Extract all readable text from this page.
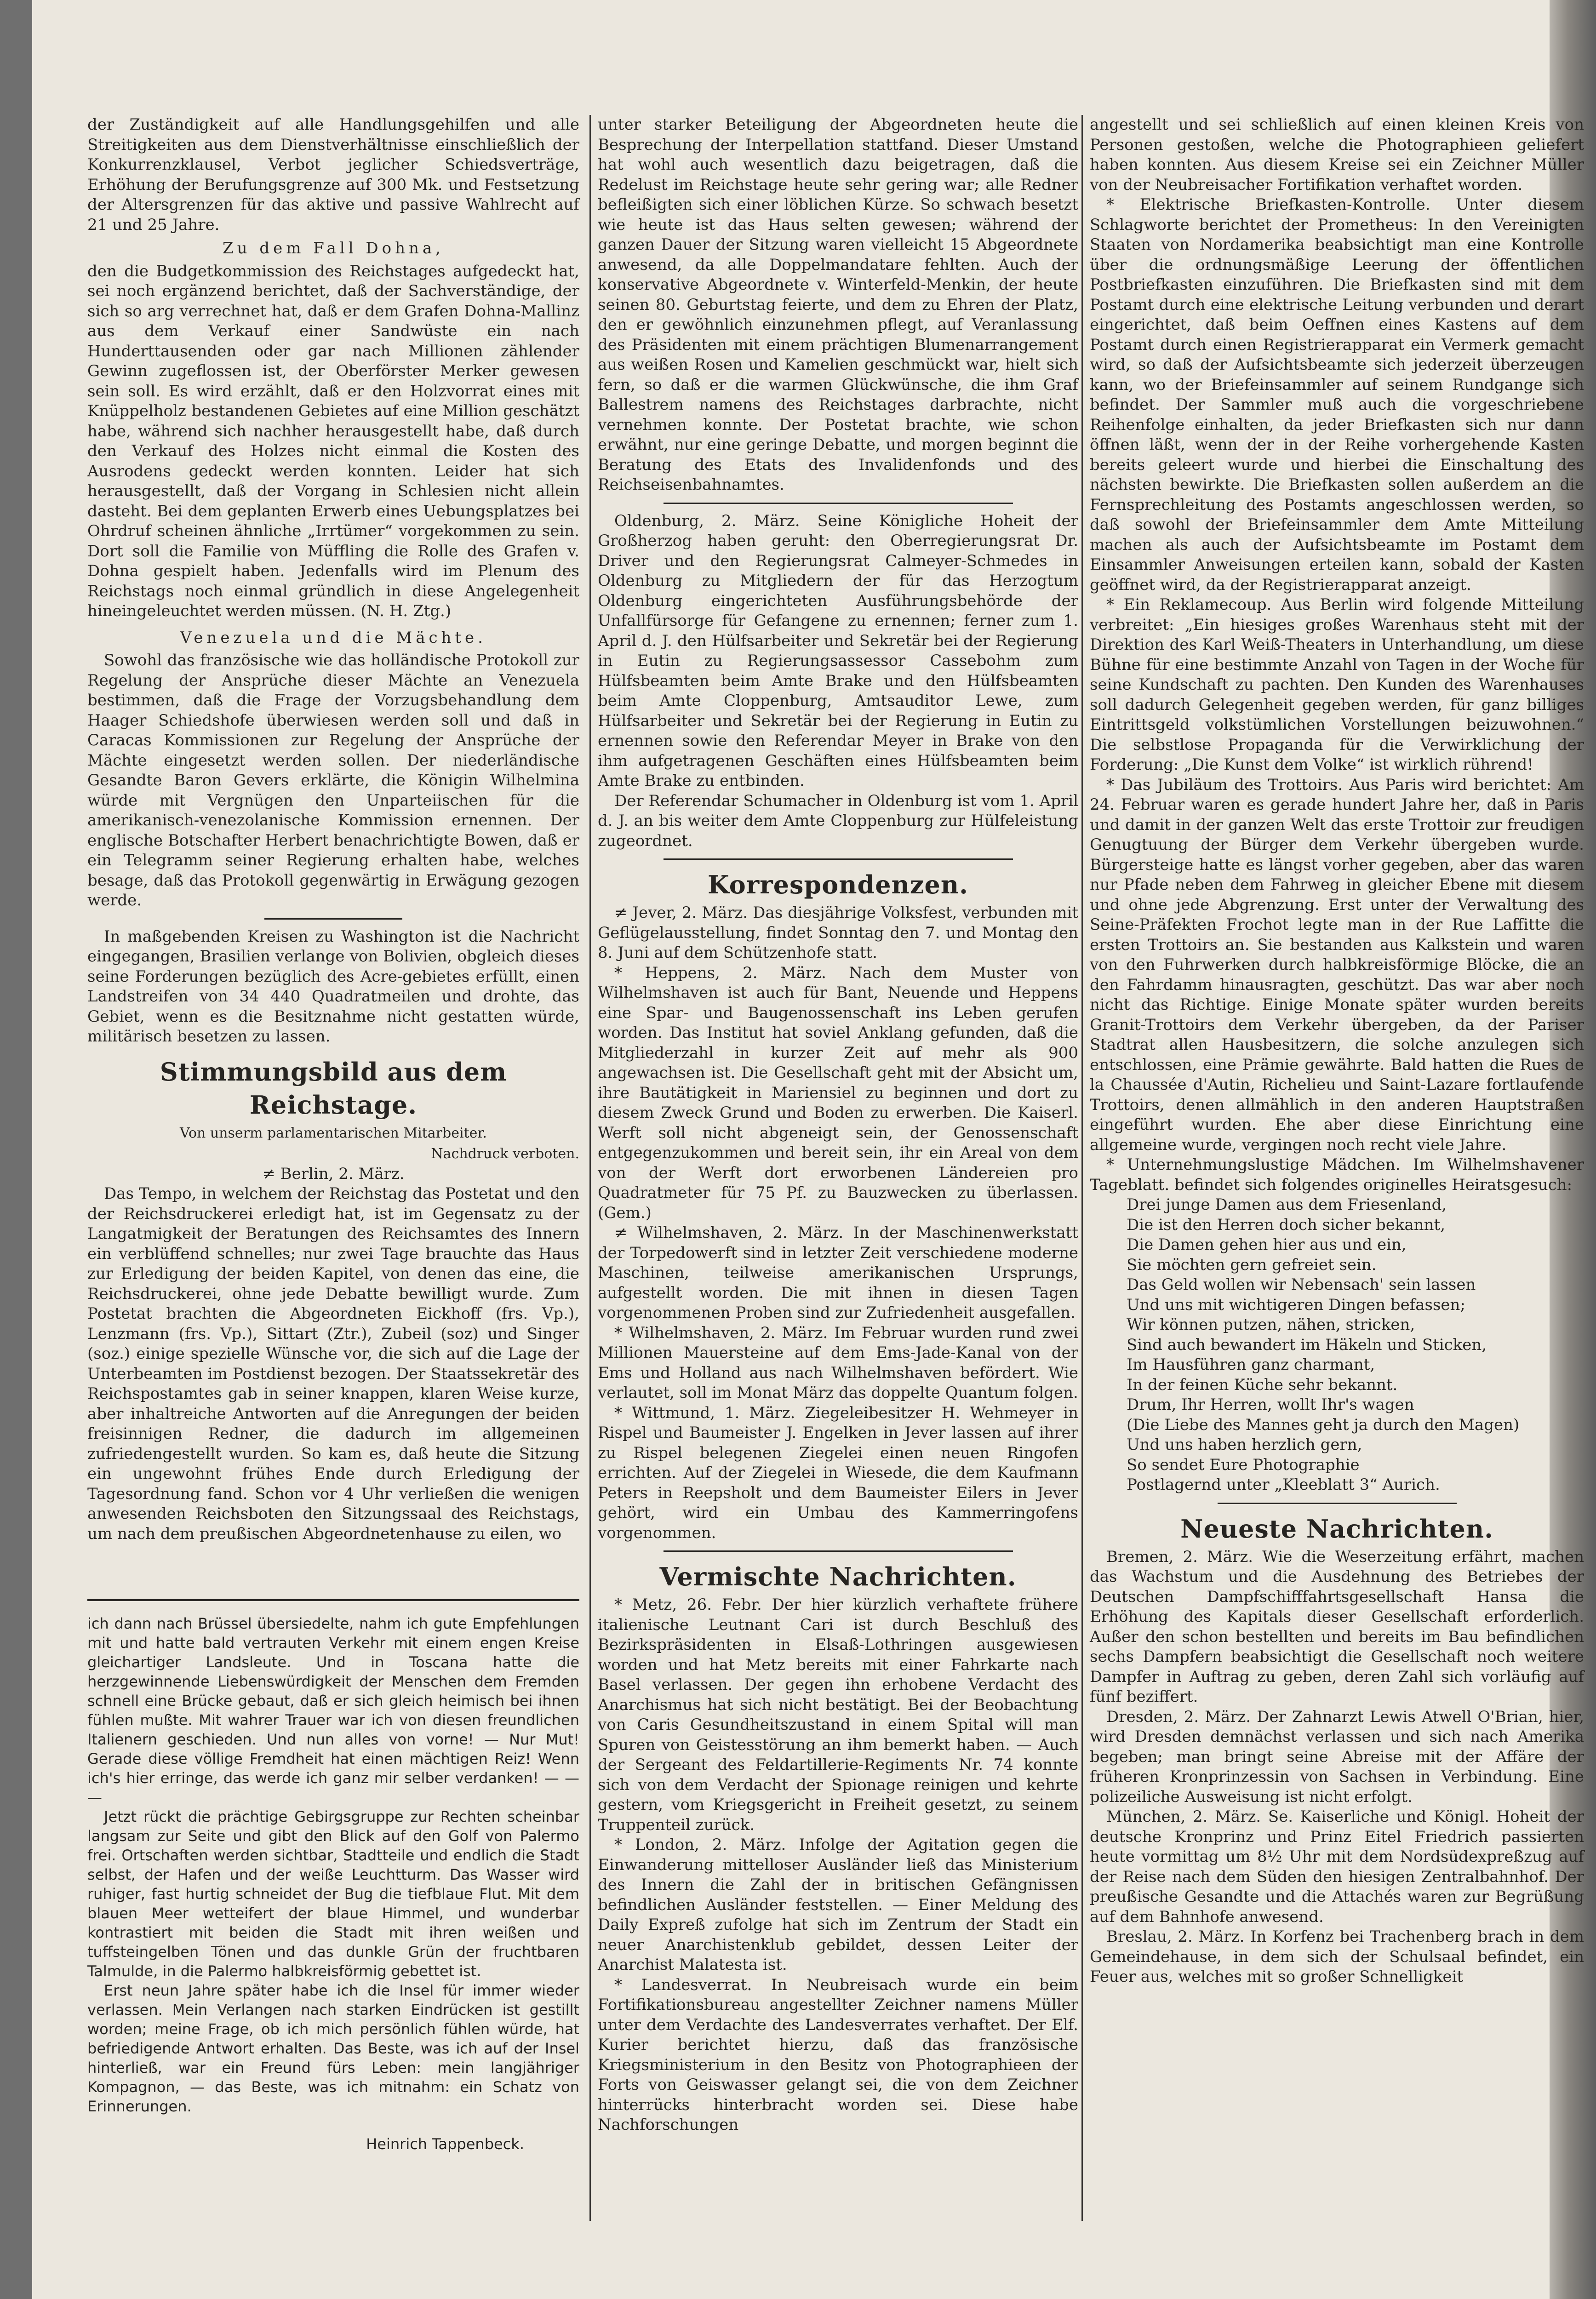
der Zuständigkeit auf alle Handlungsgehilfen und alle Streitigkeiten aus dem Dienstverhältnisse einschließlich der Konkurrenzklausel, Verbot jeglicher Schiedsverträge, Erhöhung der Berufungsgrenze auf 300 Mk. und Festsetzung der Altersgrenzen für das aktive und passive Wahlrecht auf 21 und 25 Jahre.

Zu dem Fall Dohna,

den die Budgetkommission des Reichstages aufgedeckt hat, sei noch ergänzend berichtet, daß der Sachverständige, der sich so arg verrechnet hat, daß er dem Grafen Dohna-Mallinz aus dem Verkauf einer Sandwüste ein nach Hunderttausenden oder gar nach Millionen zählender Gewinn zugeflossen ist, der Oberförster Merker gewesen sein soll. Es wird erzählt, daß er den Holzvorrat eines mit Knüppelholz bestandenen Gebietes auf eine Million geschätzt habe, während sich nachher herausgestellt habe, daß durch den Verkauf des Holzes nicht einmal die Kosten des Ausrodens gedeckt werden konnten. Leider hat sich herausgestellt, daß der Vorgang in Schlesien nicht allein dasteht. Bei dem geplanten Erwerb eines Uebungsplatzes bei Ohrdruf scheinen ähnliche „Irrtümer“ vorgekommen zu sein. Dort soll die Familie von Müffling die Rolle des Grafen v. Dohna gespielt haben. Jedenfalls wird im Plenum des Reichstags noch einmal gründlich in diese Angelegenheit hineingeleuchtet werden müssen. (N. H. Ztg.)

Venezuela und die Mächte.

Sowohl das französische wie das holländische Protokoll zur Regelung der Ansprüche dieser Mächte an Venezuela bestimmen, daß die Frage der Vorzugsbehandlung dem Haager Schiedshofe überwiesen werden soll und daß in Caracas Kommissionen zur Regelung der Ansprüche der Mächte eingesetzt werden sollen. Der niederländische Gesandte Baron Gevers erklärte, die Königin Wilhelmina würde mit Vergnügen den Unparteiischen für die amerikanisch-venezolanische Kommission ernennen. Der englische Botschafter Herbert benachrichtigte Bowen, daß er ein Telegramm seiner Regierung erhalten habe, welches besage, daß das Protokoll gegenwärtig in Erwägung gezogen werde.

In maßgebenden Kreisen zu Washington ist die Nachricht eingegangen, Brasilien verlange von Bolivien, obgleich dieses seine Forderungen bezüglich des Acre-gebietes erfüllt, einen Landstreifen von 34 440 Quadratmeilen und drohte, das Gebiet, wenn es die Besitznahme nicht gestatten würde, militärisch besetzen zu lassen.

Stimmungsbild aus dem Reichstage.
Von unserm parlamentarischen Mitarbeiter.
Nachdruck verboten.
≠ Berlin, 2. März.

Das Tempo, in welchem der Reichstag das Postetat und den der Reichsdruckerei erledigt hat, ist im Gegensatz zu der Langatmigkeit der Beratungen des Reichsamtes des Innern ein verblüffend schnelles; nur zwei Tage brauchte das Haus zur Erledigung der beiden Kapitel, von denen das eine, die Reichsdruckerei, ohne jede Debatte bewilligt wurde. Zum Postetat brachten die Abgeordneten Eickhoff (frs. Vp.), Lenzmann (frs. Vp.), Sittart (Ztr.), Zubeil (soz) und Singer (soz.) einige spezielle Wünsche vor, die sich auf die Lage der Unterbeamten im Postdienst bezogen. Der Staatssekretär des Reichspostamtes gab in seiner knappen, klaren Weise kurze, aber inhaltreiche Antworten auf die Anregungen der beiden freisinnigen Redner, die dadurch im allgemeinen zufriedengestellt wurden. So kam es, daß heute die Sitzung ein ungewohnt frühes Ende durch Erledigung der Tagesordnung fand. Schon vor 4 Uhr verließen die wenigen anwesenden Reichsboten den Sitzungssaal des Reichstags, um nach dem preußischen Abgeordnetenhause zu eilen, wo

ich dann nach Brüssel übersiedelte, nahm ich gute Empfehlungen mit und hatte bald vertrauten Verkehr mit einem engen Kreise gleichartiger Landsleute. Und in Toscana hatte die herzgewinnende Liebenswürdigkeit der Menschen dem Fremden schnell eine Brücke gebaut, daß er sich gleich heimisch bei ihnen fühlen mußte. Mit wahrer Trauer war ich von diesen freundlichen Italienern geschieden. Und nun alles von vorne! — Nur Mut! Gerade diese völlige Fremdheit hat einen mächtigen Reiz! Wenn ich's hier erringe, das werde ich ganz mir selber verdanken! — — —

Jetzt rückt die prächtige Gebirgsgruppe zur Rechten scheinbar langsam zur Seite und gibt den Blick auf den Golf von Palermo frei. Ortschaften werden sichtbar, Stadtteile und endlich die Stadt selbst, der Hafen und der weiße Leuchtturm. Das Wasser wird ruhiger, fast hurtig schneidet der Bug die tiefblaue Flut. Mit dem blauen Meer wetteifert der blaue Himmel, und wunderbar kontrastiert mit beiden die Stadt mit ihren weißen und tuffsteingelben Tönen und das dunkle Grün der fruchtbaren Talmulde, in die Palermo halbkreisförmig gebettet ist.

Erst neun Jahre später habe ich die Insel für immer wieder verlassen. Mein Verlangen nach starken Eindrücken ist gestillt worden; meine Frage, ob ich mich persönlich fühlen würde, hat befriedigende Antwort erhalten. Das Beste, was ich auf der Insel hinterließ, war ein Freund fürs Leben: mein langjähriger Kompagnon, — das Beste, was ich mitnahm: ein Schatz von Erinnerungen.

Heinrich Tappenbeck.

unter starker Beteiligung der Abgeordneten heute die Besprechung der Interpellation stattfand. Dieser Umstand hat wohl auch wesentlich dazu beigetragen, daß die Redelust im Reichstage heute sehr gering war; alle Redner befleißigten sich einer löblichen Kürze. So schwach besetzt wie heute ist das Haus selten gewesen; während der ganzen Dauer der Sitzung waren vielleicht 15 Abgeordnete anwesend, da alle Doppelmandatare fehlten. Auch der konservative Abgeordnete v. Winterfeld-Menkin, der heute seinen 80. Geburtstag feierte, und dem zu Ehren der Platz, den er gewöhnlich einzunehmen pflegt, auf Veranlassung des Präsidenten mit einem prächtigen Blumenarrangement aus weißen Rosen und Kamelien geschmückt war, hielt sich fern, so daß er die warmen Glückwünsche, die ihm Graf Ballestrem namens des Reichstages darbrachte, nicht vernehmen konnte. Der Postetat brachte, wie schon erwähnt, nur eine geringe Debatte, und morgen beginnt die Beratung des Etats des Invalidenfonds und des Reichseisenbahnamtes.

Oldenburg, 2. März. Seine Königliche Hoheit der Großherzog haben geruht: den Oberregierungsrat Dr. Driver und den Regierungsrat Calmeyer-Schmedes in Oldenburg zu Mitgliedern der für das Herzogtum Oldenburg eingerichteten Ausführungsbehörde der Unfallfürsorge für Gefangene zu ernennen; ferner zum 1. April d. J. den Hülfsarbeiter und Sekretär bei der Regierung in Eutin zu Regierungsassessor Cassebohm zum Hülfsbeamten beim Amte Brake und den Hülfsbeamten beim Amte Cloppenburg, Amtsauditor Lewe, zum Hülfsarbeiter und Sekretär bei der Regierung in Eutin zu ernennen sowie den Referendar Meyer in Brake von den ihm aufgetragenen Geschäften eines Hülfsbeamten beim Amte Brake zu entbinden.

Der Referendar Schumacher in Oldenburg ist vom 1. April d. J. an bis weiter dem Amte Cloppenburg zur Hülfeleistung zugeordnet.

Korrespondenzen.

≠ Jever, 2. März. Das diesjährige Volksfest, verbunden mit Geflügelausstellung, findet Sonntag den 7. und Montag den 8. Juni auf dem Schützenhofe statt.

* Heppens, 2. März. Nach dem Muster von Wilhelmshaven ist auch für Bant, Neuende und Heppens eine Spar- und Baugenossenschaft ins Leben gerufen worden. Das Institut hat soviel Anklang gefunden, daß die Mitgliederzahl in kurzer Zeit auf mehr als 900 angewachsen ist. Die Gesellschaft geht mit der Absicht um, ihre Bautätigkeit in Mariensiel zu beginnen und dort zu diesem Zweck Grund und Boden zu erwerben. Die Kaiserl. Werft soll nicht abgeneigt sein, der Genossenschaft entgegenzukommen und bereit sein, ihr ein Areal von dem von der Werft dort erworbenen Ländereien pro Quadratmeter für 75 Pf. zu Bauzwecken zu überlassen. (Gem.)

≠ Wilhelmshaven, 2. März. In der Maschinenwerkstatt der Torpedowerft sind in letzter Zeit verschiedene moderne Maschinen, teilweise amerikanischen Ursprungs, aufgestellt worden. Die mit ihnen in diesen Tagen vorgenommenen Proben sind zur Zufriedenheit ausgefallen.

* Wilhelmshaven, 2. März. Im Februar wurden rund zwei Millionen Mauersteine auf dem Ems-Jade-Kanal von der Ems und Holland aus nach Wilhelmshaven befördert. Wie verlautet, soll im Monat März das doppelte Quantum folgen.

* Wittmund, 1. März. Ziegeleibesitzer H. Wehmeyer in Rispel und Baumeister J. Engelken in Jever lassen auf ihrer zu Rispel belegenen Ziegelei einen neuen Ringofen errichten. Auf der Ziegelei in Wiesede, die dem Kaufmann Peters in Reepsholt und dem Baumeister Eilers in Jever gehört, wird ein Umbau des Kammerringofens vorgenommen.

Vermischte Nachrichten.

* Metz, 26. Febr. Der hier kürzlich verhaftete frühere italienische Leutnant Cari ist durch Beschluß des Bezirkspräsidenten in Elsaß-Lothringen ausgewiesen worden und hat Metz bereits mit einer Fahrkarte nach Basel verlassen. Der gegen ihn erhobene Verdacht des Anarchismus hat sich nicht bestätigt. Bei der Beobachtung von Caris Gesundheitszustand in einem Spital will man Spuren von Geistesstörung an ihm bemerkt haben. — Auch der Sergeant des Feldartillerie-Regiments Nr. 74 konnte sich von dem Verdacht der Spionage reinigen und kehrte gestern, vom Kriegsgericht in Freiheit gesetzt, zu seinem Truppenteil zurück.

* London, 2. März. Infolge der Agitation gegen die Einwanderung mittelloser Ausländer ließ das Ministerium des Innern die Zahl der in britischen Gefängnissen befindlichen Ausländer feststellen. — Einer Meldung des Daily Expreß zufolge hat sich im Zentrum der Stadt ein neuer Anarchistenklub gebildet, dessen Leiter der Anarchist Malatesta ist.

* Landesverrat. In Neubreisach wurde ein beim Fortifikationsbureau angestellter Zeichner namens Müller unter dem Verdachte des Landesverrates verhaftet. Der Elf. Kurier berichtet hierzu, daß das französische Kriegsministerium in den Besitz von Photographieen der Forts von Geiswasser gelangt sei, die von dem Zeichner hinterrücks hinterbracht worden sei. Diese habe Nachforschungen

angestellt und sei schließlich auf einen kleinen Kreis von Personen gestoßen, welche die Photographieen geliefert haben konnten. Aus diesem Kreise sei ein Zeichner Müller von der Neubreisacher Fortifikation verhaftet worden.

* Elektrische Briefkasten-Kontrolle. Unter diesem Schlagworte berichtet der Prometheus: In den Vereinigten Staaten von Nordamerika beabsichtigt man eine Kontrolle über die ordnungsmäßige Leerung der öffentlichen Postbriefkasten einzuführen. Die Briefkasten sind mit dem Postamt durch eine elektrische Leitung verbunden und derart eingerichtet, daß beim Oeffnen eines Kastens auf dem Postamt durch einen Registrierapparat ein Vermerk gemacht wird, so daß der Aufsichtsbeamte sich jederzeit überzeugen kann, wo der Briefeinsammler auf seinem Rundgange sich befindet. Der Sammler muß auch die vorgeschriebene Reihenfolge einhalten, da jeder Briefkasten sich nur dann öffnen läßt, wenn der in der Reihe vorhergehende Kasten bereits geleert wurde und hierbei die Einschaltung des nächsten bewirkte. Die Briefkasten sollen außerdem an die Fernsprechleitung des Postamts angeschlossen werden, so daß sowohl der Briefeinsammler dem Amte Mitteilung machen als auch der Aufsichtsbeamte im Postamt dem Einsammler Anweisungen erteilen kann, sobald der Kasten geöffnet wird, da der Registrierapparat anzeigt.

* Ein Reklamecoup. Aus Berlin wird folgende Mitteilung verbreitet: „Ein hiesiges großes Warenhaus steht mit der Direktion des Karl Weiß-Theaters in Unterhandlung, um diese Bühne für eine bestimmte Anzahl von Tagen in der Woche für seine Kundschaft zu pachten. Den Kunden des Warenhauses soll dadurch Gelegenheit gegeben werden, für ganz billiges Eintrittsgeld volkstümlichen Vorstellungen beizuwohnen.“ Die selbstlose Propaganda für die Verwirklichung der Forderung: „Die Kunst dem Volke“ ist wirklich rührend!

* Das Jubiläum des Trottoirs. Aus Paris wird berichtet: Am 24. Februar waren es gerade hundert Jahre her, daß in Paris und damit in der ganzen Welt das erste Trottoir zur freudigen Genugtuung der Bürger dem Verkehr übergeben wurde. Bürgersteige hatte es längst vorher gegeben, aber das waren nur Pfade neben dem Fahrweg in gleicher Ebene mit diesem und ohne jede Abgrenzung. Erst unter der Verwaltung des Seine-Präfekten Frochot legte man in der Rue Laffitte die ersten Trottoirs an. Sie bestanden aus Kalkstein und waren von den Fuhrwerken durch halbkreisförmige Blöcke, die an den Fahrdamm hinausragten, geschützt. Das war aber noch nicht das Richtige. Einige Monate später wurden bereits Granit-Trottoirs dem Verkehr übergeben, da der Pariser Stadtrat allen Hausbesitzern, die solche anzulegen sich entschlossen, eine Prämie gewährte. Bald hatten die Rues de la Chaussée d'Autin, Richelieu und Saint-Lazare fortlaufende Trottoirs, denen allmählich in den anderen Hauptstraßen eingeführt wurden. Ehe aber diese Einrichtung eine allgemeine wurde, vergingen noch recht viele Jahre.

* Unternehmungslustige Mädchen. Im Wilhelmshavener Tageblatt. befindet sich folgendes originelles Heiratsgesuch:

Drei junge Damen aus dem Friesenland,
Die ist den Herren doch sicher bekannt,
Die Damen gehen hier aus und ein,
Sie möchten gern gefreiet sein.
Das Geld wollen wir Nebensach' sein lassen
Und uns mit wichtigeren Dingen befassen;
Wir können putzen, nähen, stricken,
Sind auch bewandert im Häkeln und Sticken,
Im Hausführen ganz charmant,
In der feinen Küche sehr bekannt.
Drum, Ihr Herren, wollt Ihr's wagen
(Die Liebe des Mannes geht ja durch den Magen)
Und uns haben herzlich gern,
So sendet Eure Photographie
Postlagernd unter „Kleeblatt 3“ Aurich.
Neueste Nachrichten.

Bremen, 2. März. Wie die Weserzeitung erfährt, machen das Wachstum und die Ausdehnung des Betriebes der Deutschen Dampfschifffahrtsgesellschaft Hansa die Erhöhung des Kapitals dieser Gesellschaft erforderlich. Außer den schon bestellten und bereits im Bau befindlichen sechs Dampfern beabsichtigt die Gesellschaft noch weitere Dampfer in Auftrag zu geben, deren Zahl sich vorläufig auf fünf beziffert.

Dresden, 2. März. Der Zahnarzt Lewis Atwell O'Brian, hier, wird Dresden demnächst verlassen und sich nach Amerika begeben; man bringt seine Abreise mit der Affäre der früheren Kronprinzessin von Sachsen in Verbindung. Eine polizeiliche Ausweisung ist nicht erfolgt.

München, 2. März. Se. Kaiserliche und Königl. Hoheit der deutsche Kronprinz und Prinz Eitel Friedrich passierten heute vormittag um 8½ Uhr mit dem Nordsüdexpreßzug auf der Reise nach dem Süden den hiesigen Zentralbahnhof. Der preußische Gesandte und die Attachés waren zur Begrüßung auf dem Bahnhofe anwesend.

Breslau, 2. März. In Korfenz bei Trachenberg brach in dem Gemeindehause, in dem sich der Schulsaal befindet, ein Feuer aus, welches mit so großer Schnelligkeit
